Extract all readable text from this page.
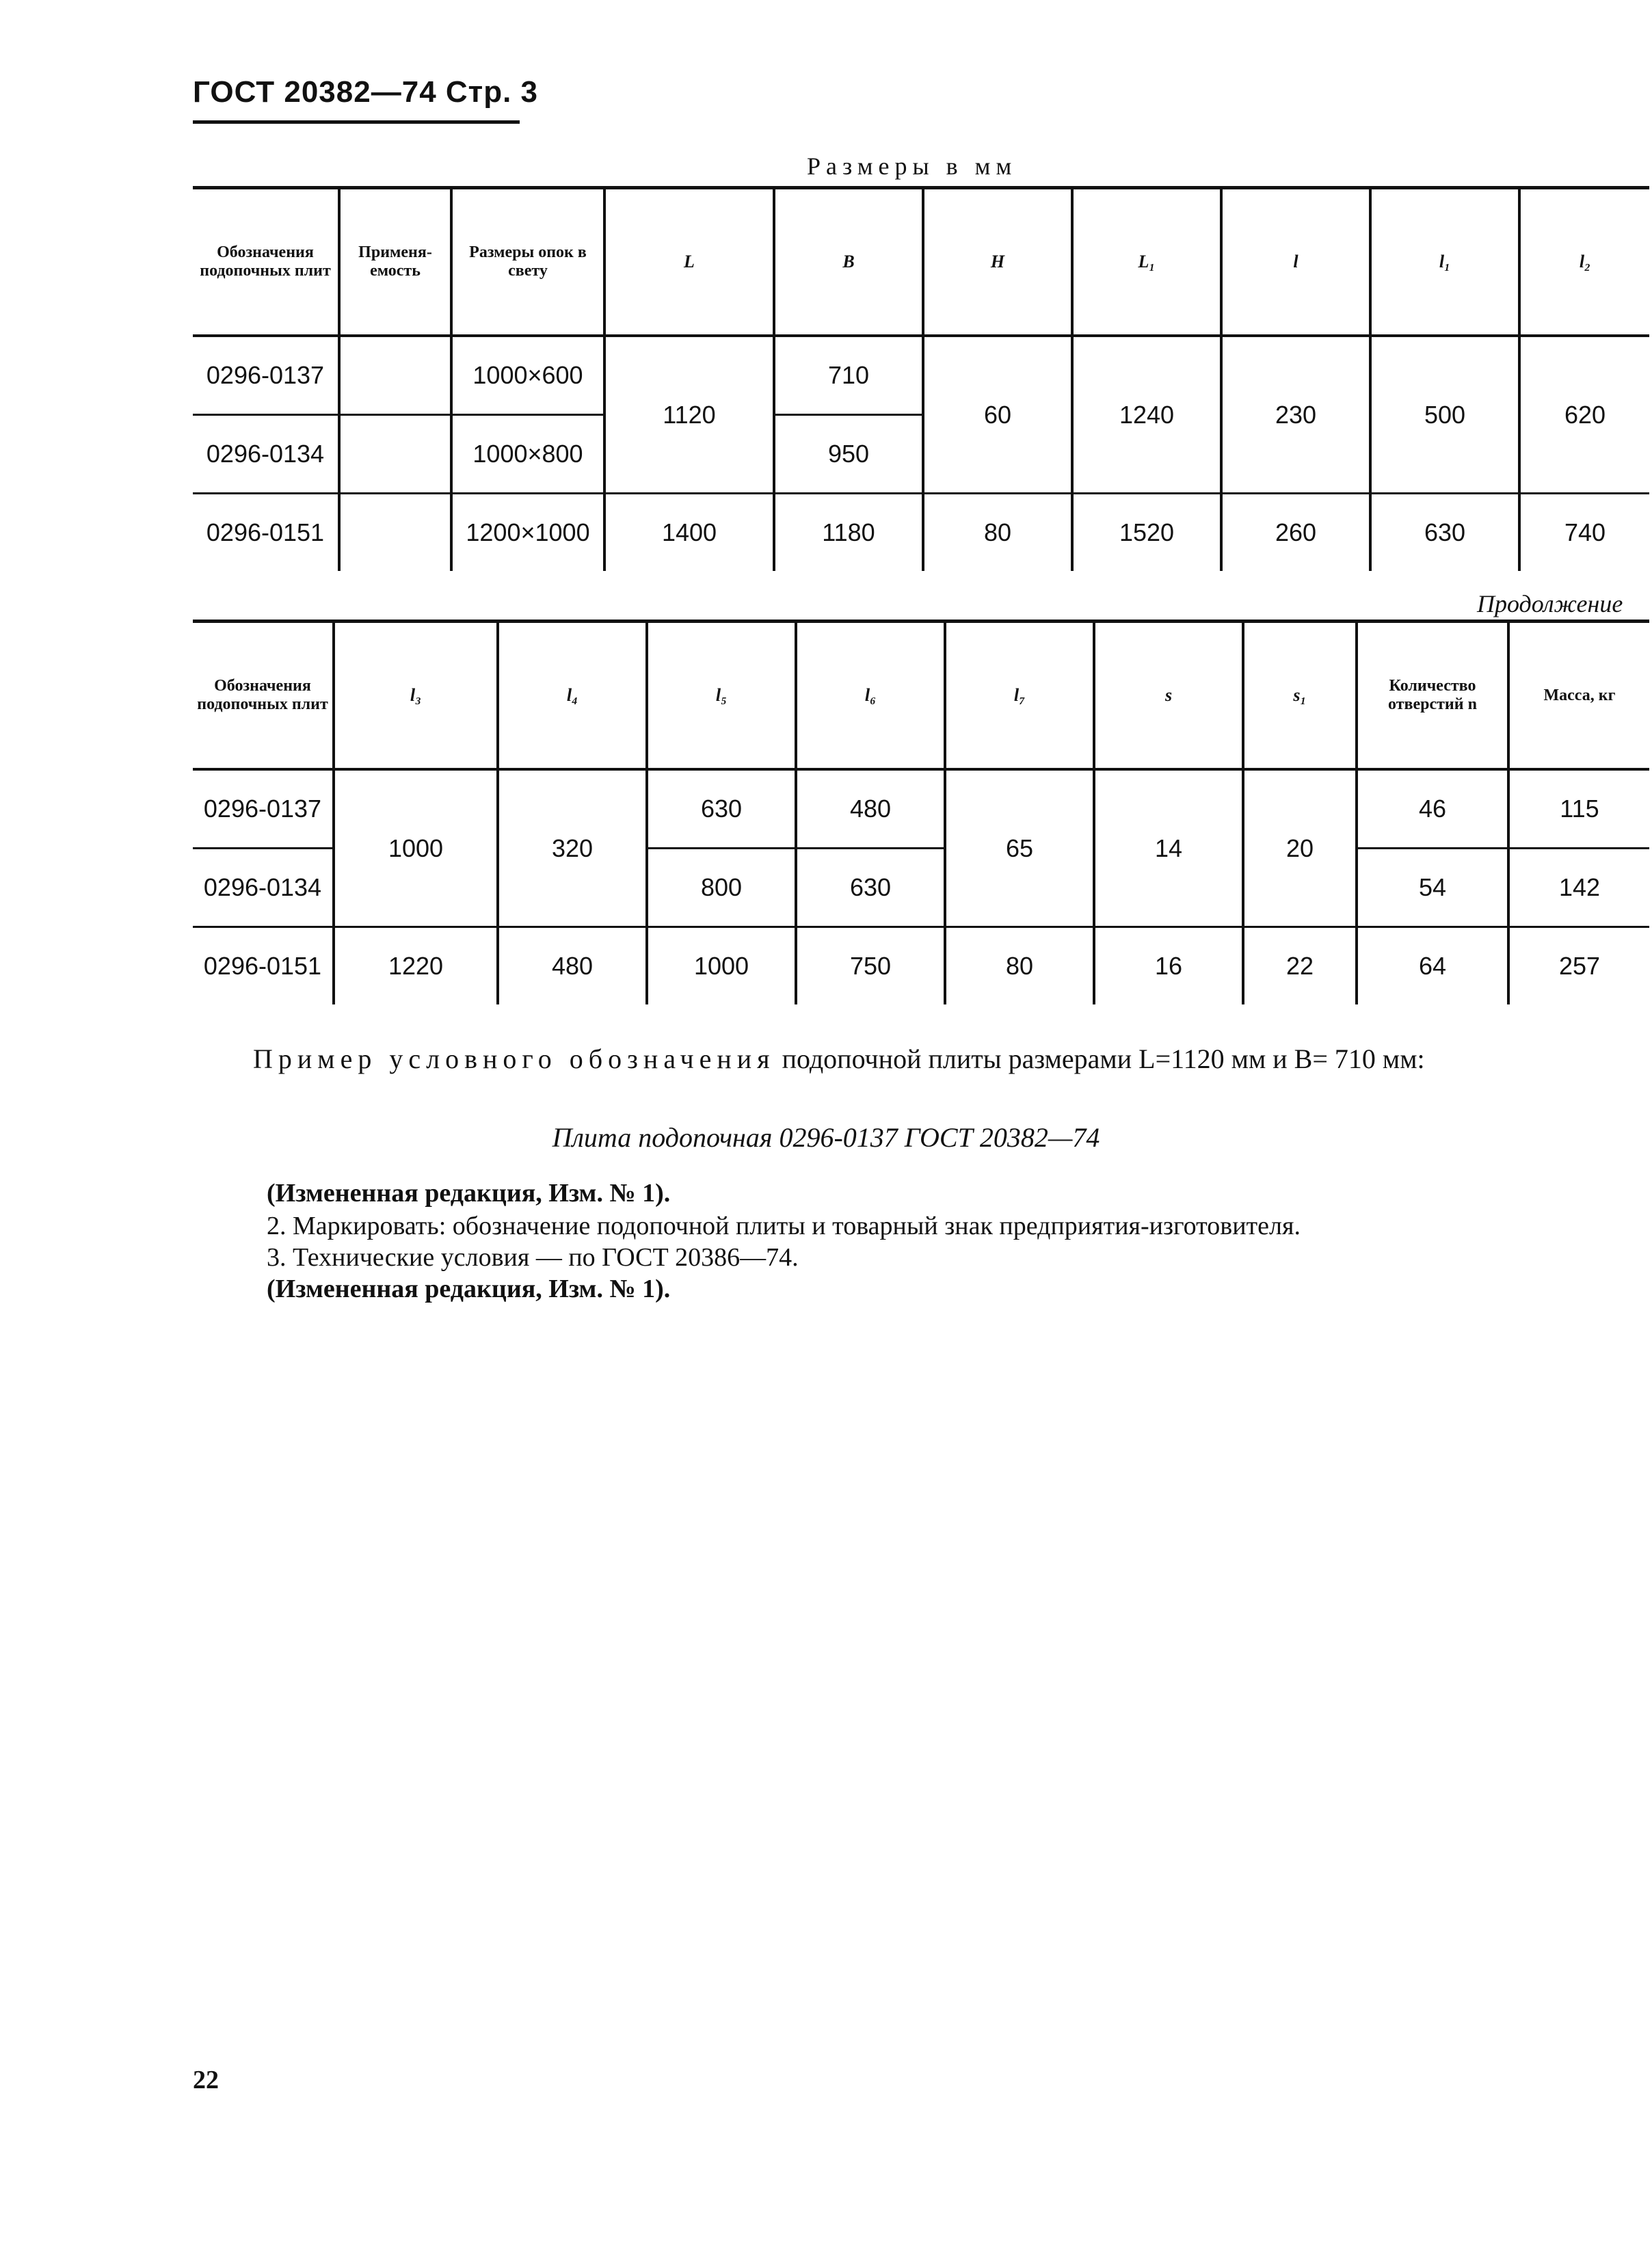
ГОСТ 20382—74 Стр. 3
Размеры в мм
Обозначения подопочных плит	Применя-емость	Размеры опок в свету	L	B	H	L₁	l	l₁	l₂
0296-0137		1000×600	1120	710	60	1240	230	500	620
0296-0134		1000×800		950					
0296-0151		1200×1000	1400	1180	80	1520	260	630	740
Продолжение
Обозначения подопочных плит	l₃	l₄	l₅	l₆	l₇	s	s₁	Количество отверстий n	Масса, кг
0296-0137	1000	320	630	480	65	14	20	46	115
0296-0134			800	630				54	142
0296-0151	1220	480	1000	750	80	16	22	64	257
Пример условного обозначения подопочной плиты размерами L=1120 мм и B= 710 мм:
Плита подопочная 0296-0137 ГОСТ 20382—74
(Измененная редакция, Изм. № 1).
2. Маркировать: обозначение подопочной плиты и товарный знак предприятия-изготовителя.
3. Технические условия — по ГОСТ 20386—74.
(Измененная редакция, Изм. № 1).
22
